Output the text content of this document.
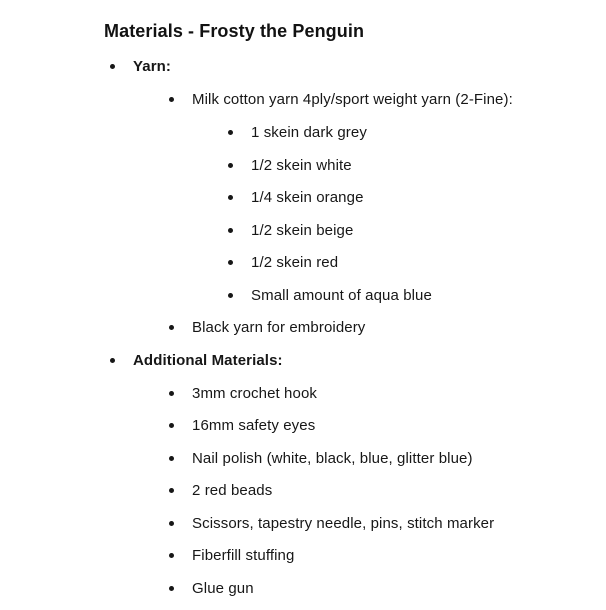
Materials - Frosty the Penguin
Yarn:
Milk cotton yarn 4ply/sport weight yarn (2-Fine):
1 skein dark grey
1/2 skein white
1/4 skein orange
1/2 skein beige
1/2 skein red
Small amount of aqua blue
Black yarn for embroidery
Additional Materials:
3mm crochet hook
16mm safety eyes
Nail polish (white, black, blue, glitter blue)
2 red beads
Scissors, tapestry needle, pins, stitch marker
Fiberfill stuffing
Glue gun
